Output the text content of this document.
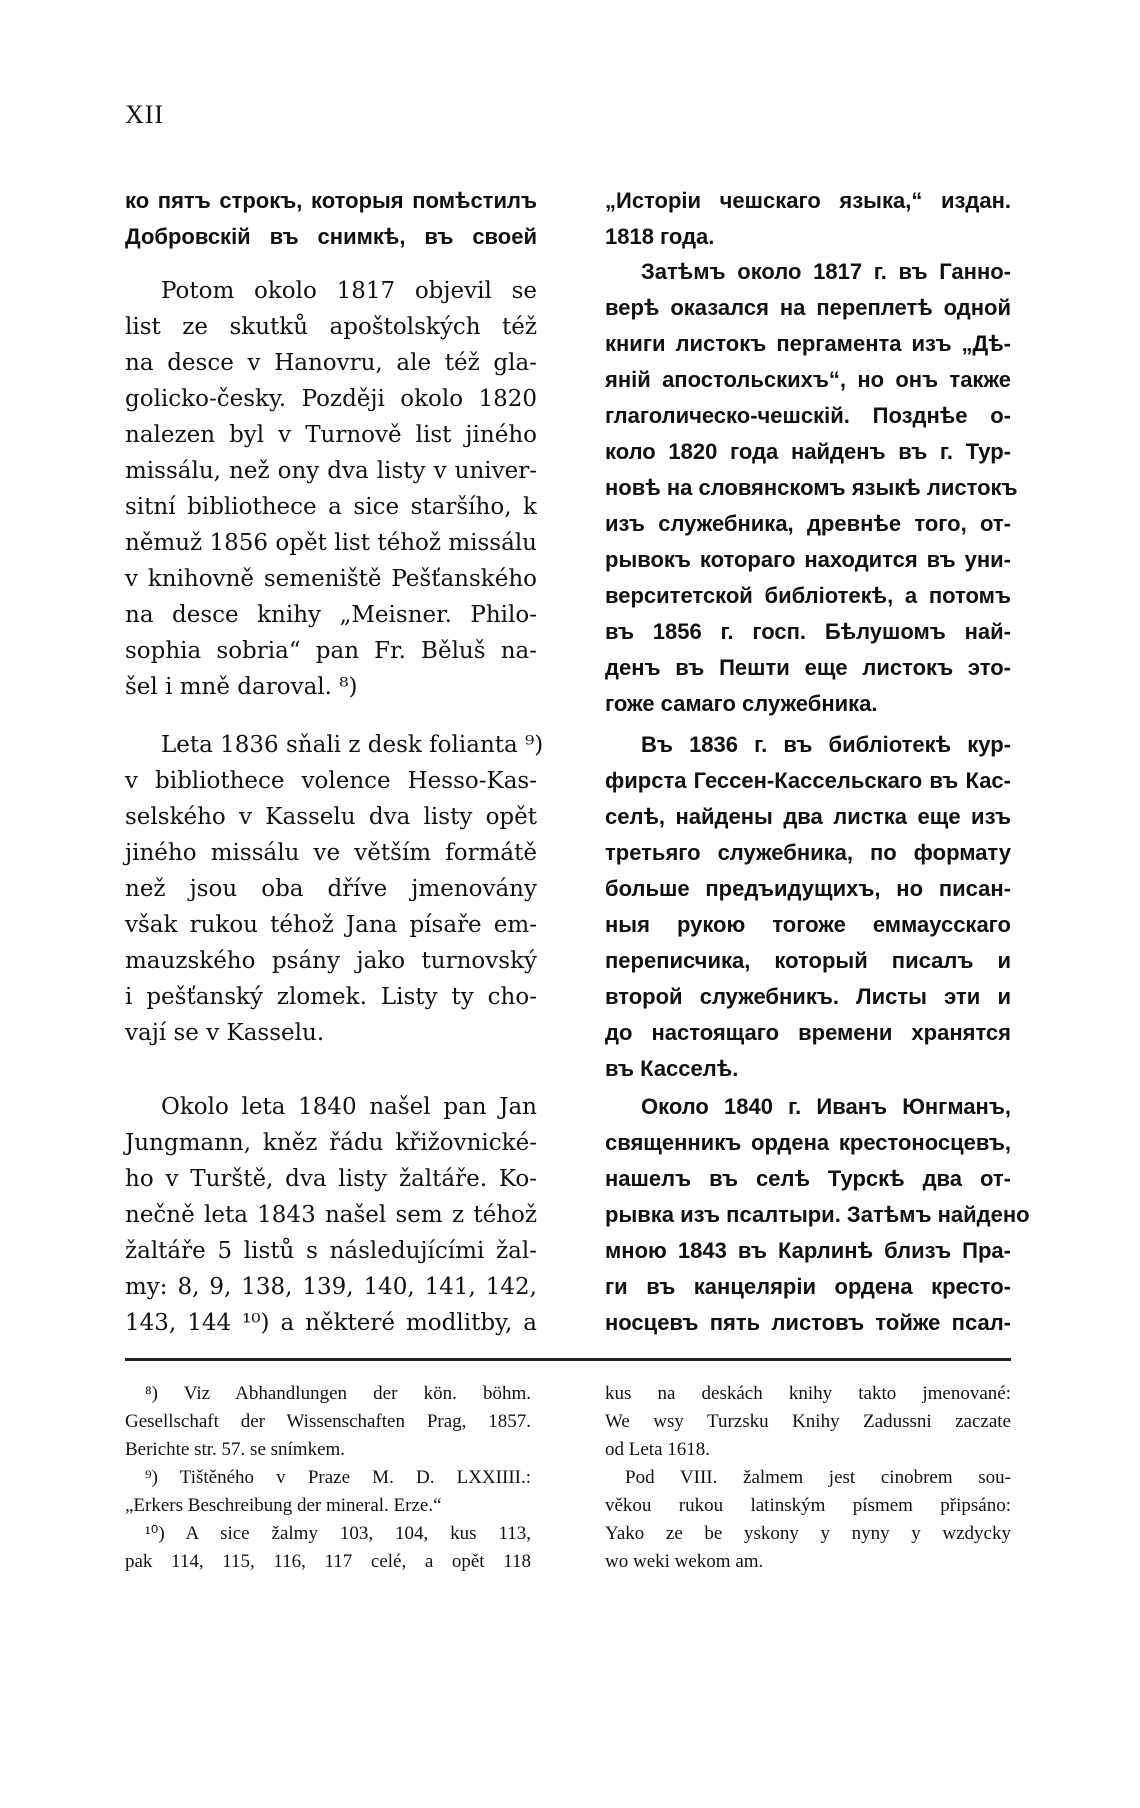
XII
ко пятъ строкъ, которыя помѣстилъ
Добровскій въ снимкѣ, въ своей
Potom okolo 1817 objevil se
list ze skutků apoštolských též
na desce v Hanovru, ale též gla-
golicko-česky. Později okolo 1820
nalezen byl v Turnově list jiného
missálu, než ony dva listy v univer-
sitní bibliothece a sice staršího, k
němuž 1856 opět list téhož missálu
v knihovně semeniště Pešťanského
na desce knihy „Meisner. Philo-
sophia sobria“ pan Fr. Běluš na-
šel i mně daroval. ⁸)
Leta 1836 sňali z desk folianta ⁹)
v bibliothece volence Hesso-Kas-
selského v Kasselu dva listy opět
jiného missálu ve větším formátě
než jsou oba dříve jmenovány
však rukou téhož Jana písaře em-
mauzského psány jako turnovský
i pešťanský zlomek. Listy ty cho-
vají se v Kasselu.
Okolo leta 1840 našel pan Jan
Jungmann, kněz řádu křižovnické-
ho v Turště, dva listy žaltáře. Ko-
nečně leta 1843 našel sem z téhož
žaltáře 5 listů s následujícími žal-
my: 8, 9, 138, 139, 140, 141, 142,
143, 144 ¹⁰) a některé modlitby, a
„Исторіи чешскаго языка,“ издан.
1818 года.
Затѣмъ около 1817 г. въ Ганно-
верѣ оказался на переплетѣ одной
книги листокъ пергамента изъ „Дѣ-
яній апостольскихъ“, но онъ также
глаголическо-чешскій. Позднѣе о-
коло 1820 года найденъ въ г. Тур-
новѣ на словянскомъ языкѣ листокъ
изъ служебника, древнѣе того, от-
рывокъ котораго находится въ уни-
верситетской библіотекѣ, а потомъ
въ 1856 г. госп. Бѣлушомъ най-
денъ въ Пешти еще листокъ это-
гоже самаго служебника.
Въ 1836 г. въ библіотекѣ кур-
фирста Гессен-Кассельскаго въ Кас-
селѣ, найдены два листка еще изъ
третьяго служебника, по формату
больше предъидущихъ, но писан-
ныя рукою тогоже еммаусскаго
переписчика, который писалъ и
второй служебникъ. Листы эти и
до настоящаго времени хранятся
въ Касселѣ.
Около 1840 г. Иванъ Юнгманъ,
священникъ ордена крестоносцевъ,
нашелъ въ селѣ Турскѣ два от-
рывка изъ псалтыри. Затѣмъ найдено
мною 1843 въ Карлинѣ близъ Пра-
ги въ канцеляріи ордена кресто-
носцевъ пять листовъ тойже псал-
⁸) Viz Abhandlungen der kön. böhm.
Gesellschaft der Wissenschaften Prag, 1857.
Berichte str. 57. se snímkem.
⁹) Tištěného v Praze M. D. LXXIIII.:
„Erkers Beschreibung der mineral. Erze.“
¹⁰) A sice žalmy 103, 104, kus 113,
pak 114, 115, 116, 117 celé, a opět 118
kus na deskách knihy takto jmenované:
We wsy Turzsku Knihy Zadussni zaczate
od Leta 1618.
Pod VIII. žalmem jest cinobrem sou-
věkou rukou latinským písmem připsáno:
Yako ze be yskony y nyny y wzdycky
wo weki wekom am.
